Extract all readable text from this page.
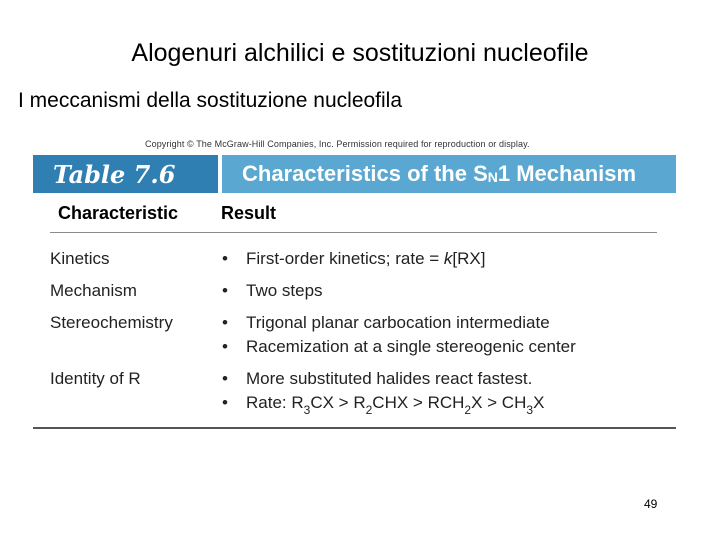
Alogenuri alchilici e sostituzioni nucleofile
I meccanismi della sostituzione nucleofila
Copyright © The McGraw-Hill Companies, Inc. Permission required for reproduction or display.
Table 7.6	Characteristics of the $S_N$ 1 Mechanism
Characteristic Result
Kinetics	• First-order kinetics; rate = k[RX]
Mechanism	• Two steps
Stereochemistry	• Trigonal planar carbocation intermediate
• Racemization at a single stereogenic center
Identity of R	• More substituted halides react fastest.
• Rate: $R_3CX > R_2CHX > RCH_2X > CH_3X$
49
